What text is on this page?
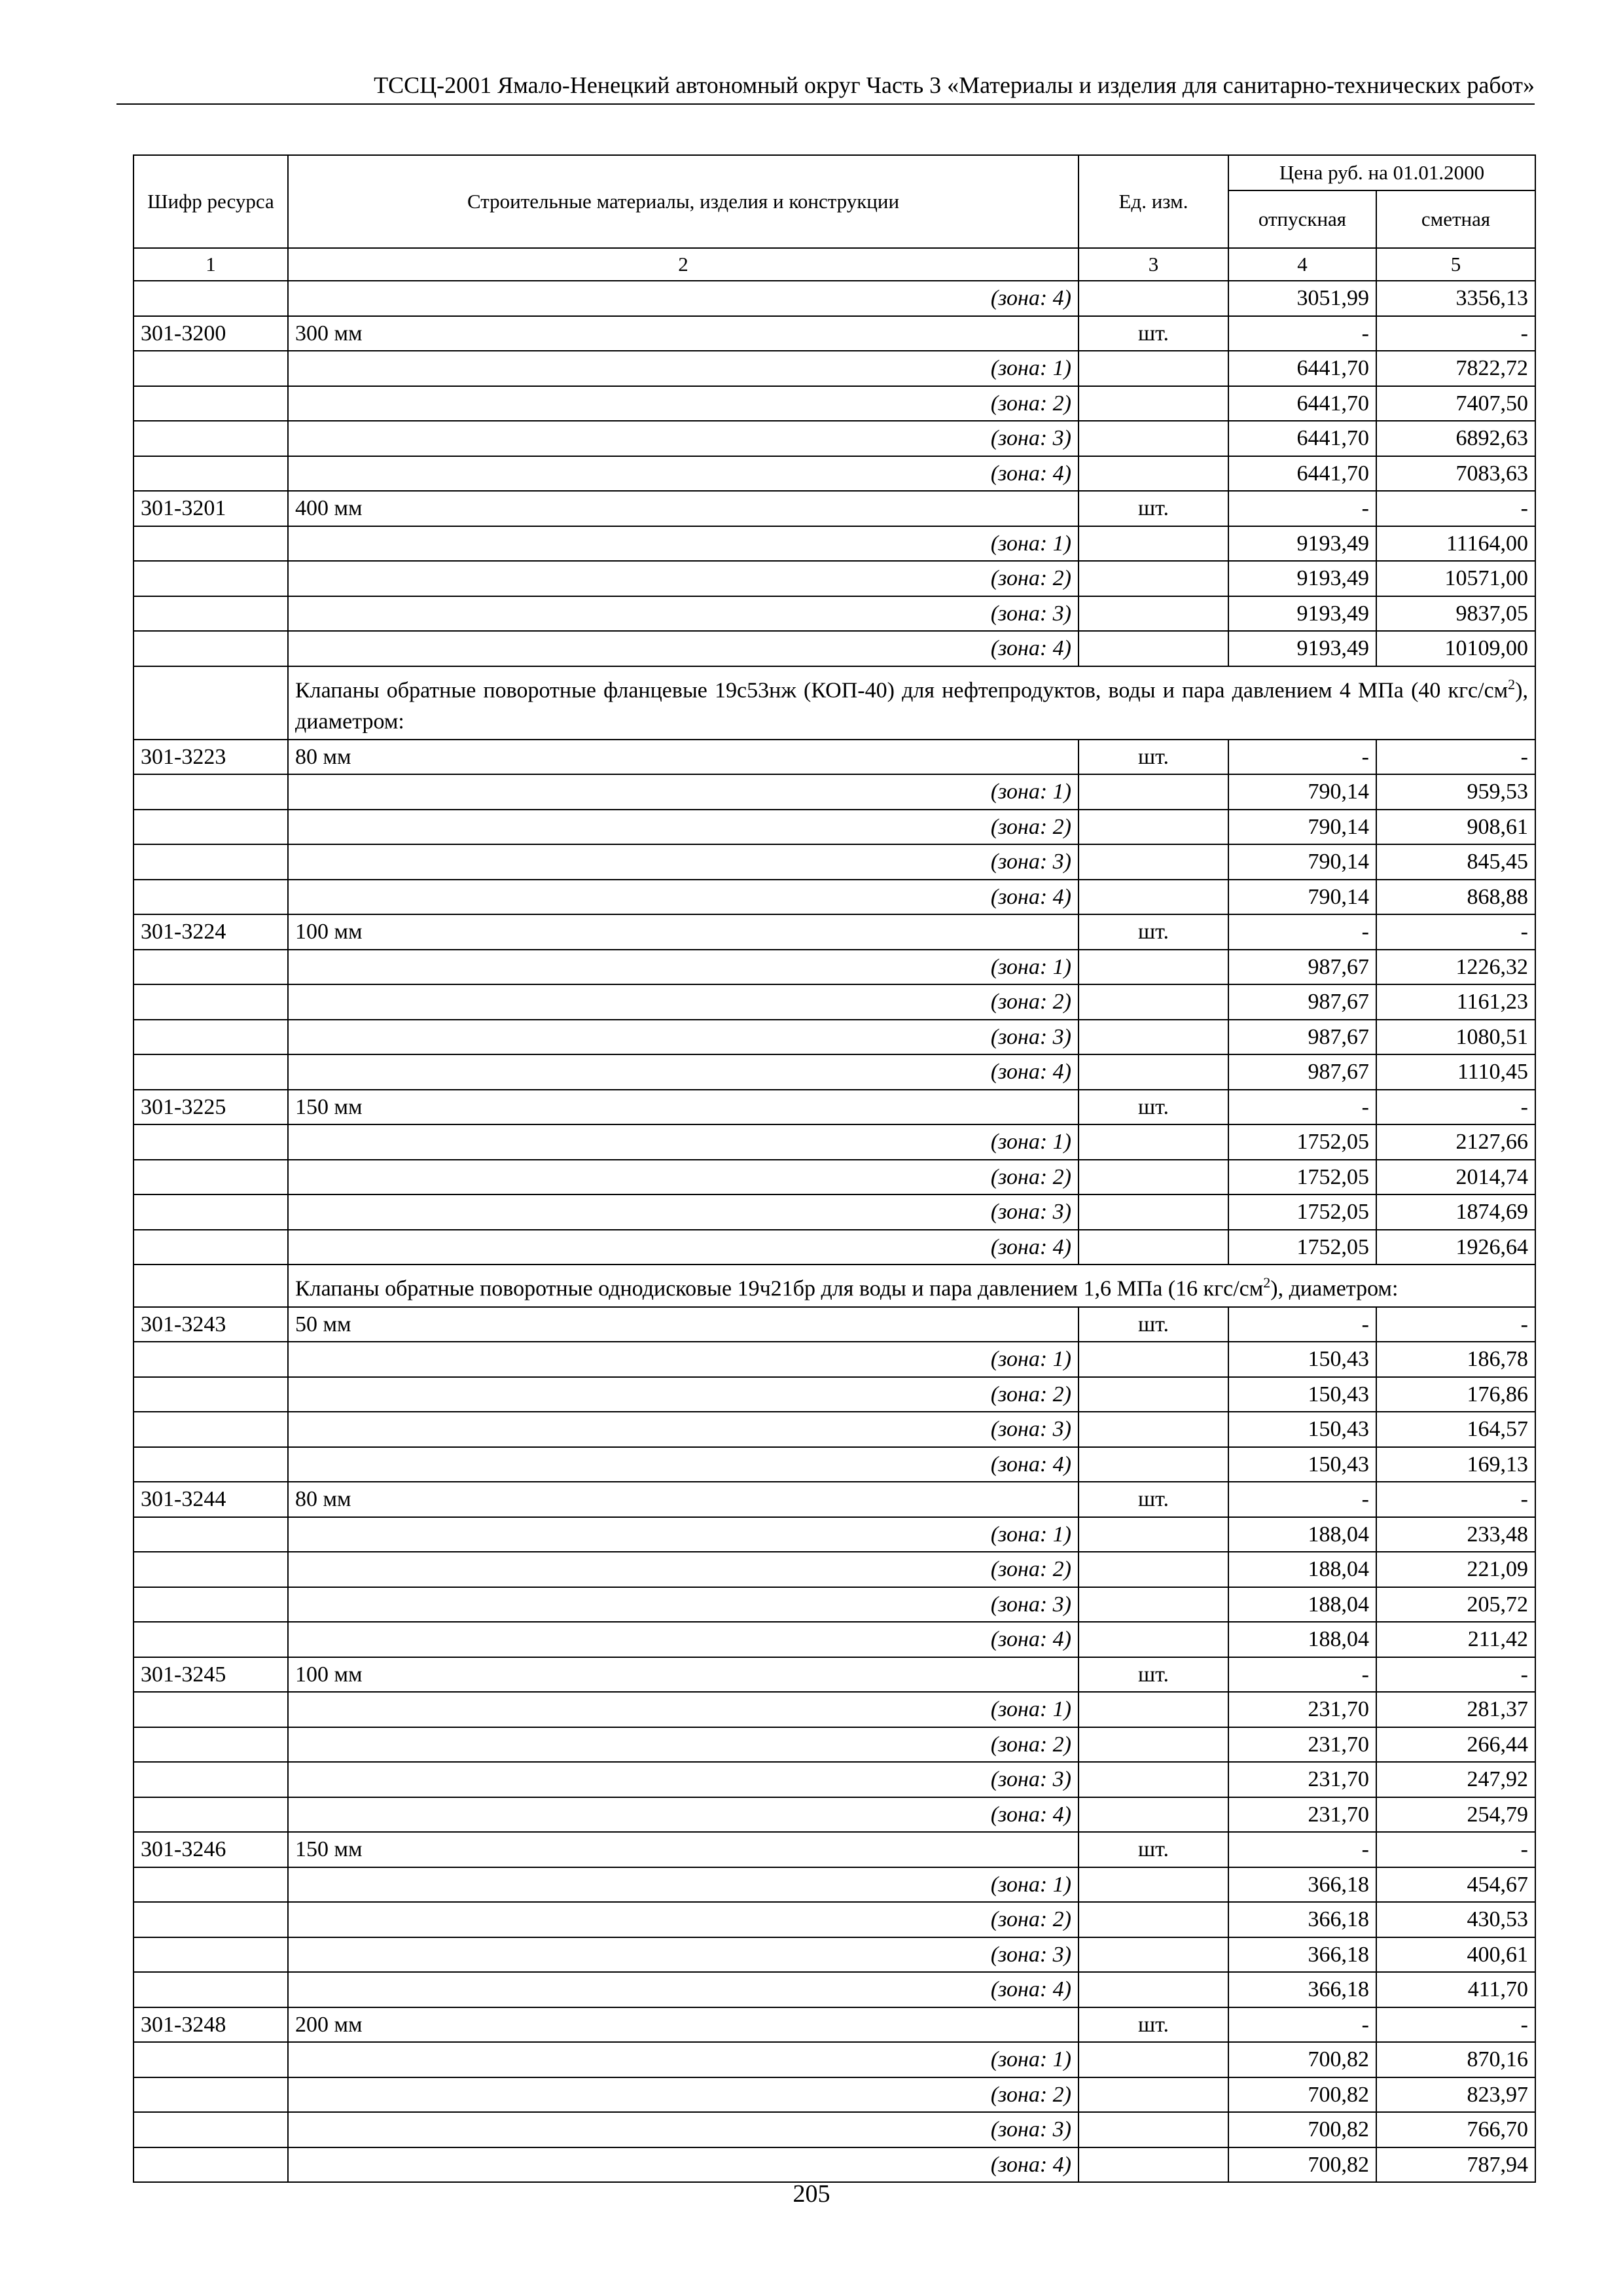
ТССЦ-2001 Ямало-Ненецкий автономный округ Часть 3 «Материалы и изделия для санитарно-технических работ»
Шифр ресурса	Строительные материалы, изделия и конструкции	Ед. изм.	Цена руб. на 01.01.2000	
			отпускная	сметная
1	2	3	4	5
	(зона: 4)		3051,99	3356,13
301-3200	300 мм	шт.	-	-
	(зона: 1)		6441,70	7822,72
	(зона: 2)		6441,70	7407,50
	(зона: 3)		6441,70	6892,63
	(зона: 4)		6441,70	7083,63
301-3201	400 мм	шт.	-	-
	(зона: 1)		9193,49	11164,00
	(зона: 2)		9193,49	10571,00
	(зона: 3)		9193,49	9837,05
	(зона: 4)		9193,49	10109,00
	Клапаны обратные поворотные фланцевые 19с53нж (КОП-40) для нефтепродуктов, воды и пара давлением 4 МПа (40 кгс/$см^2$), диаметром:			
301-3223	80 мм	шт.	-	-
	(зона: 1)		790,14	959,53
	(зона: 2)		790,14	908,61
	(зона: 3)		790,14	845,45
	(зона: 4)		790,14	868,88
301-3224	100 мм	шт.	-	-
	(зона: 1)		987,67	1226,32
	(зона: 2)		987,67	1161,23
	(зона: 3)		987,67	1080,51
	(зона: 4)		987,67	1110,45
301-3225	150 мм	шт.	-	-
	(зона: 1)		1752,05	2127,66
	(зона: 2)		1752,05	2014,74
	(зона: 3)		1752,05	1874,69
	(зона: 4)		1752,05	1926,64
	Клапаны обратные поворотные однодисковые 19ч21бр для воды и пара давлением 1,6 МПа (16 кгс/$см^2$), диаметром:			
301-3243	50 мм	шт.	-	-
	(зона: 1)		150,43	186,78
	(зона: 2)		150,43	176,86
	(зона: 3)		150,43	164,57
	(зона: 4)		150,43	169,13
301-3244	80 мм	шт.	-	-
	(зона: 1)		188,04	233,48
	(зона: 2)		188,04	221,09
	(зона: 3)		188,04	205,72
	(зона: 4)		188,04	211,42
301-3245	100 мм	шт.	-	-
	(зона: 1)		231,70	281,37
	(зона: 2)		231,70	266,44
	(зона: 3)		231,70	247,92
	(зона: 4)		231,70	254,79
301-3246	150 мм	шт.	-	-
	(зона: 1)		366,18	454,67
	(зона: 2)		366,18	430,53
	(зона: 3)		366,18	400,61
	(зона: 4)		366,18	411,70
301-3248	200 мм	шт.	-	-
	(зона: 1)		700,82	870,16
	(зона: 2)		700,82	823,97
	(зона: 3)		700,82	766,70
	(зона: 4)		700,82	787,94
205
